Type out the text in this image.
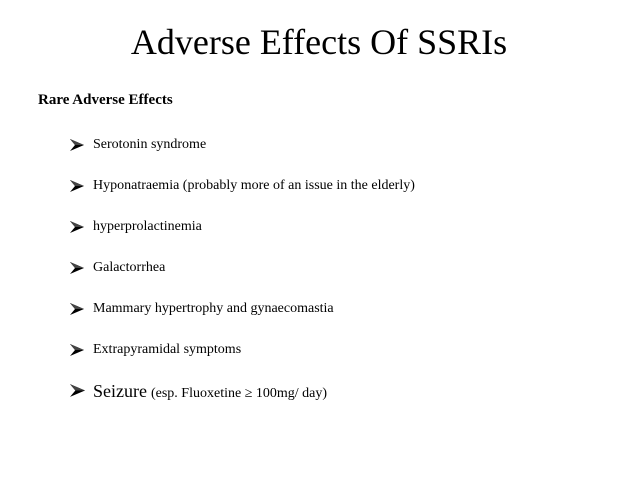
Adverse Effects Of SSRIs
Rare Adverse Effects
Serotonin syndrome
Hyponatraemia (probably more of an issue in the elderly)
hyperprolactinemia
Galactorrhea
Mammary hypertrophy and gynaecomastia
Extrapyramidal symptoms
Seizure (esp. Fluoxetine ≥ 100mg/ day)
